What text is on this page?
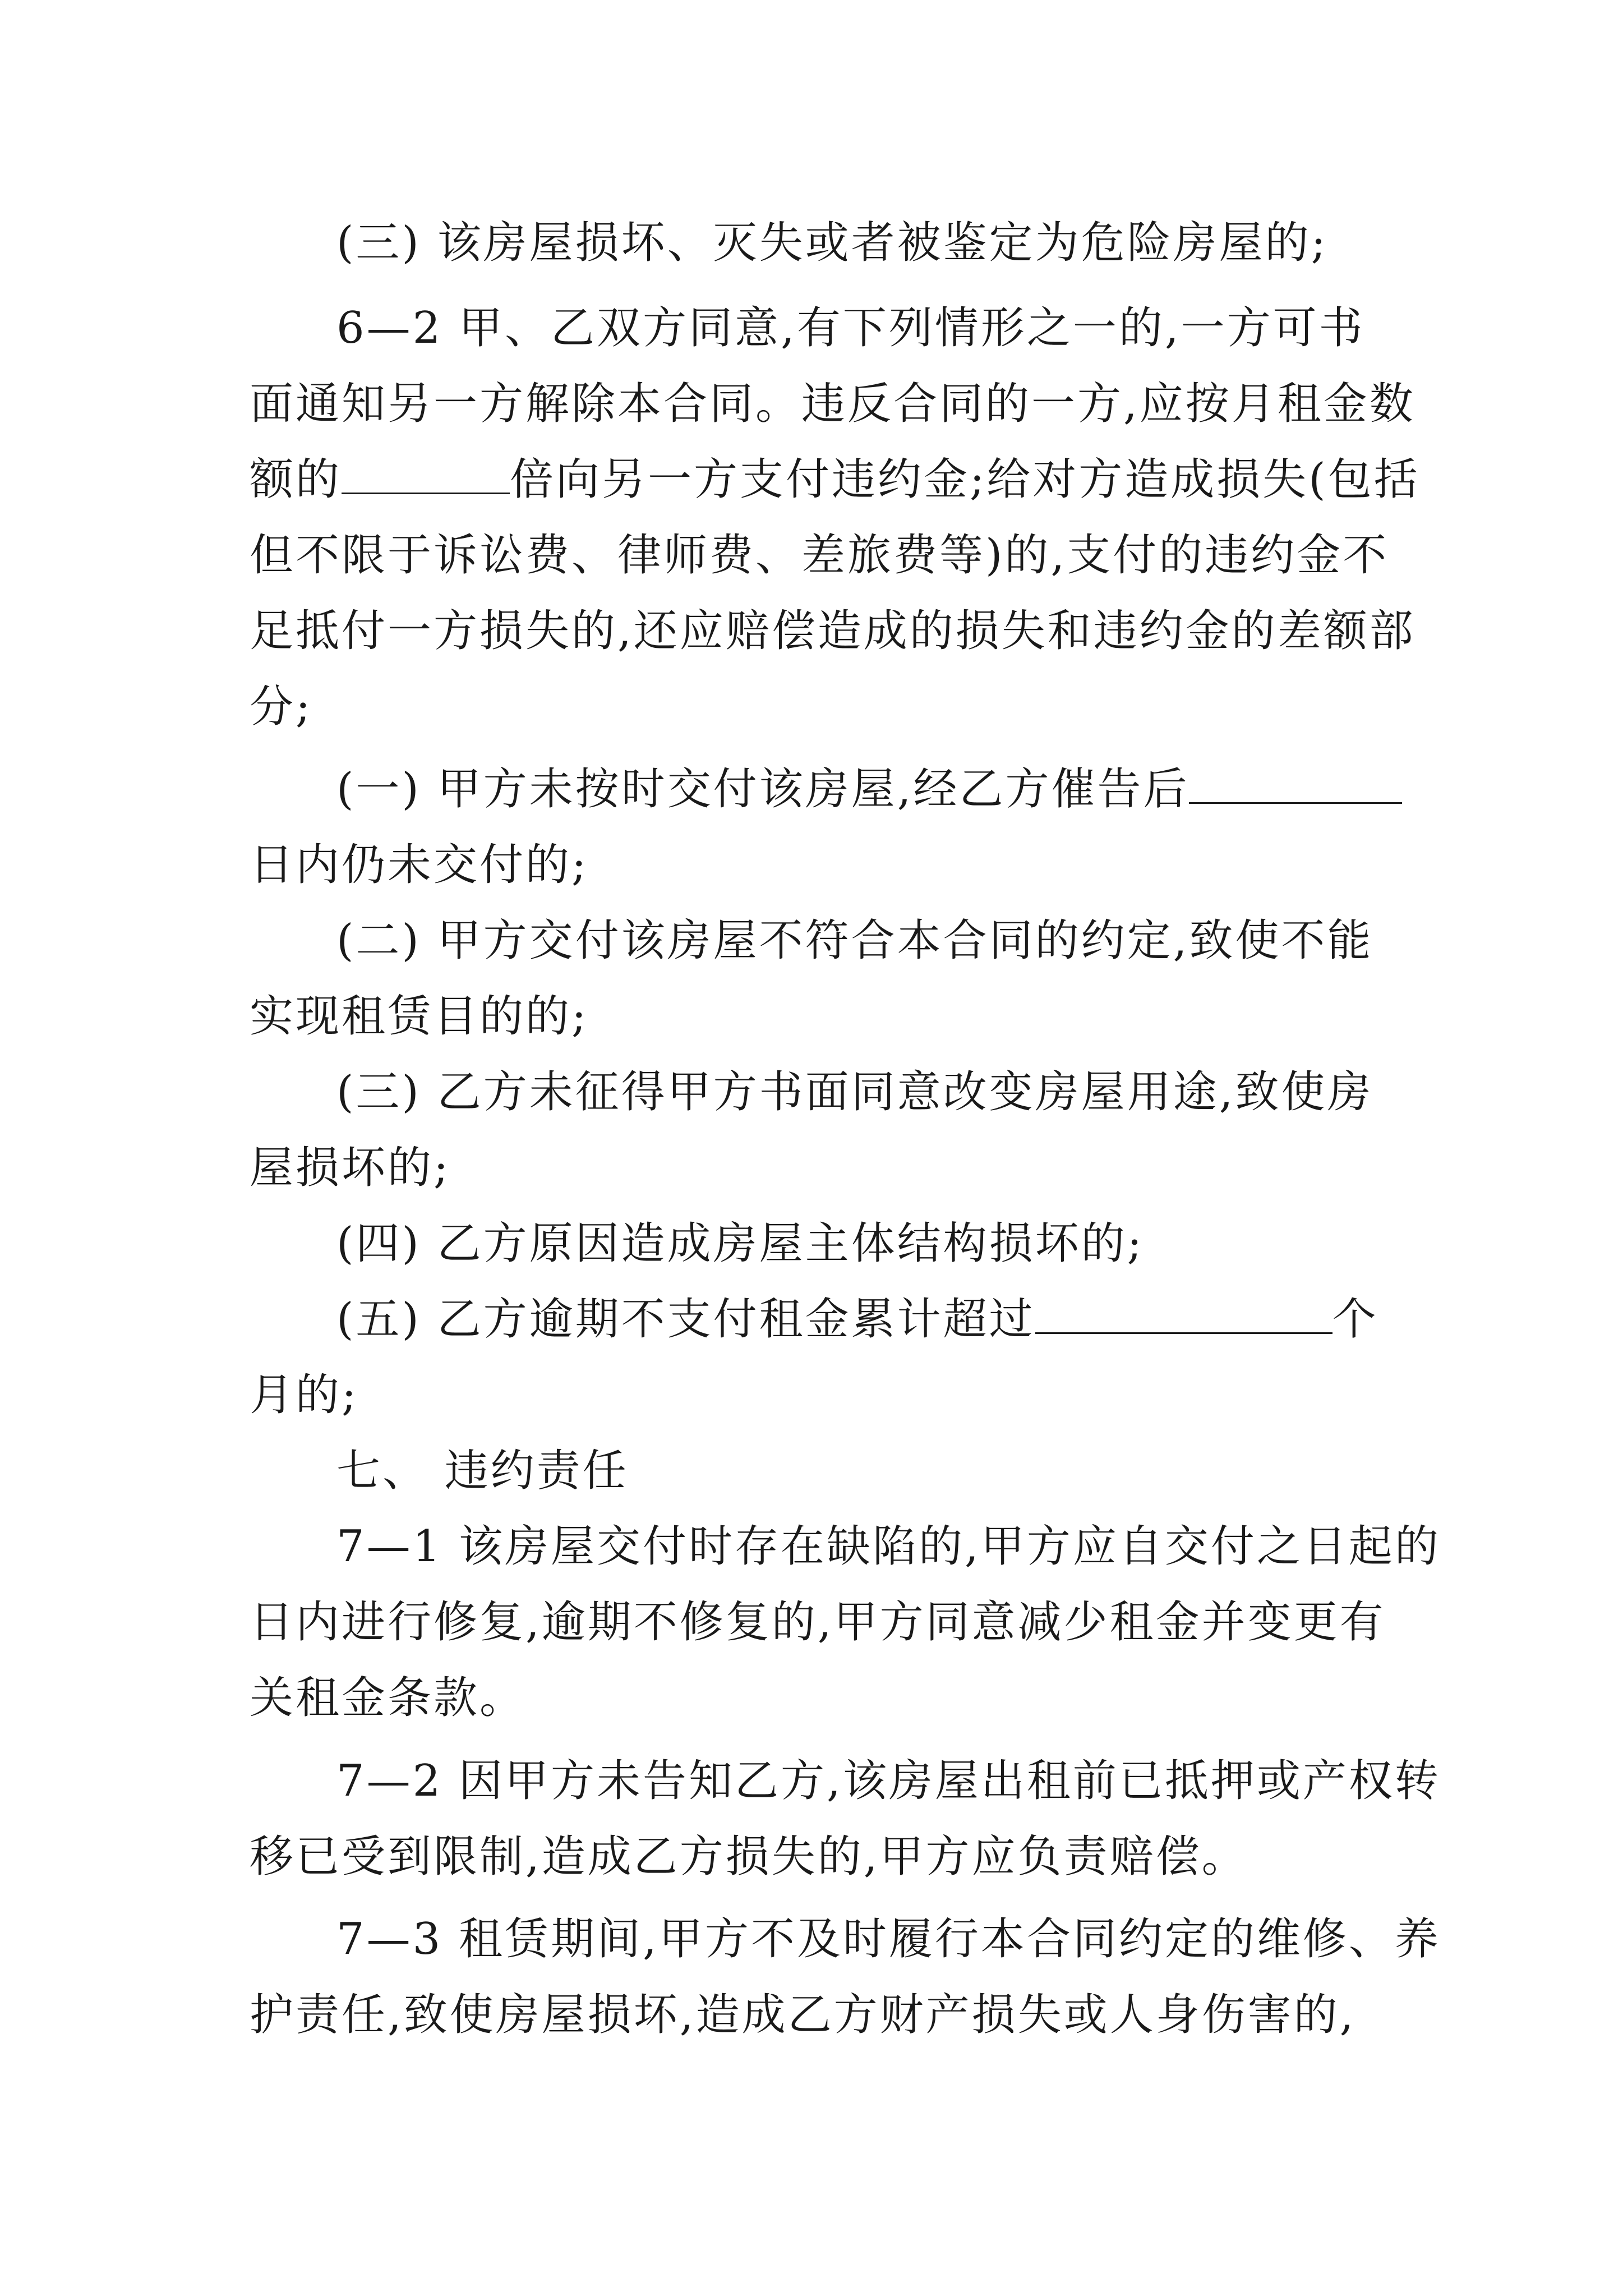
(三) 该房屋损坏、灭失或者被鉴定为危险房屋的;
6—2 甲、乙双方同意,有下列情形之一的,一方可书
面通知另一方解除本合同。违反合同的一方,应按月租金数
额的	倍向另一方支付违约金;给对方造成损失(包括
但不限于诉讼费、律师费、差旅费等)的,支付的违约金不
足抵付一方损失的,还应赔偿造成的损失和违约金的差额部
分;
(一) 甲方未按时交付该房屋,经乙方催告后
日内仍未交付的;
(二) 甲方交付该房屋不符合本合同的约定,致使不能
实现租赁目的的;
(三) 乙方未征得甲方书面同意改变房屋用途,致使房
屋损坏的;
(四) 乙方原因造成房屋主体结构损坏的;
(五) 乙方逾期不支付租金累计超过	个
月的;
七、 违约责任
7—1 该房屋交付时存在缺陷的,甲方应自交付之日起的
日内进行修复,逾期不修复的,甲方同意减少租金并变更有
关租金条款。
7—2 因甲方未告知乙方,该房屋出租前已抵押或产权转
移已受到限制,造成乙方损失的,甲方应负责赔偿。
7—3 租赁期间,甲方不及时履行本合同约定的维修、养
护责任,致使房屋损坏,造成乙方财产损失或人身伤害的,
